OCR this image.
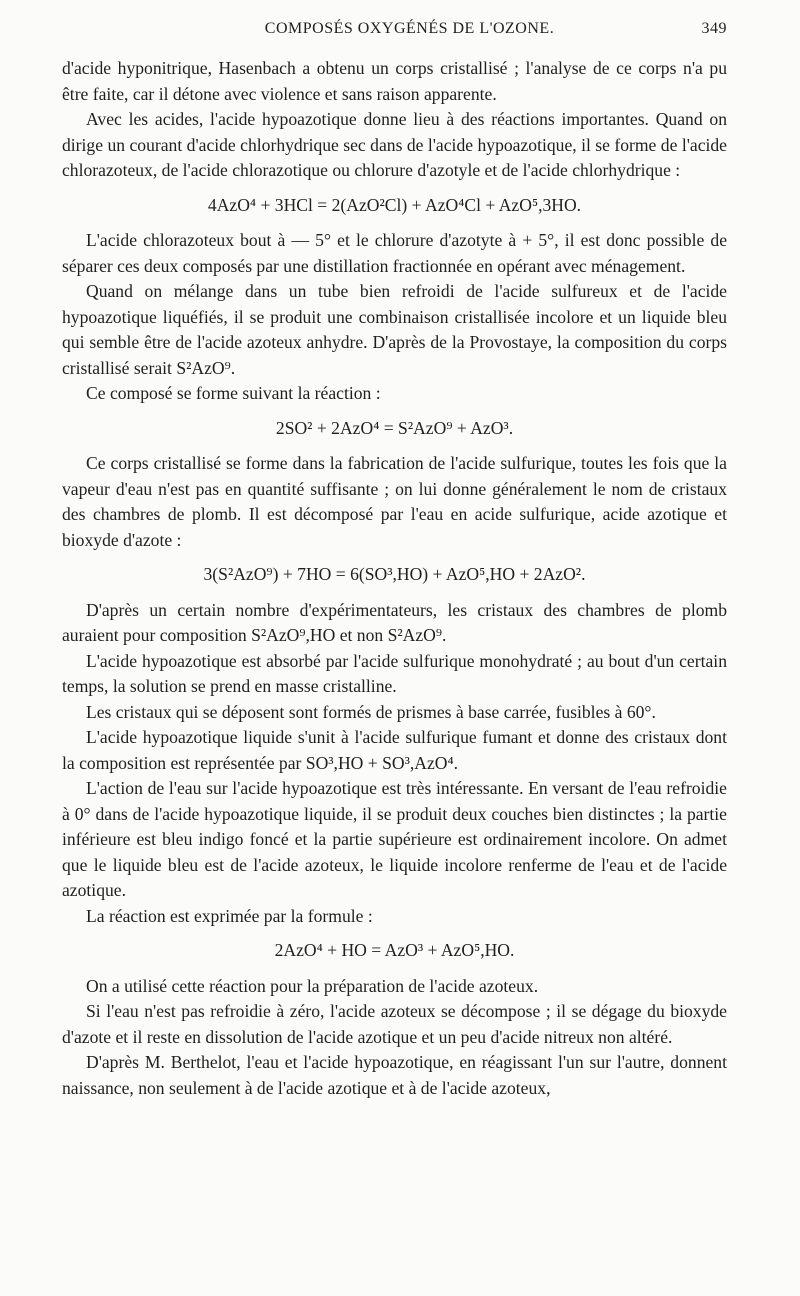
COMPOSÉS OXYGÉNÉS DE L'OZONE.	349

d'acide hyponitrique, Hasenbach a obtenu un corps cristallisé ; l'analyse de ce corps n'a pu être faite, car il détone avec violence et sans raison apparente.

Avec les acides, l'acide hypoazotique donne lieu à des réactions importantes. Quand on dirige un courant d'acide chlorhydrique sec dans de l'acide hypoazotique, il se forme de l'acide chlorazoteux, de l'acide chlorazotique ou chlorure d'azotyle et de l'acide chlorhydrique :

4AzO⁴ + 3HCl = 2(AzO²Cl) + AzO⁴Cl + AzO⁵,3HO.

L'acide chlorazoteux bout à — 5° et le chlorure d'azotyte à + 5°, il est donc possible de séparer ces deux composés par une distillation fractionnée en opérant avec ménagement.

Quand on mélange dans un tube bien refroidi de l'acide sulfureux et de l'acide hypoazotique liquéfiés, il se produit une combinaison cristallisée incolore et un liquide bleu qui semble être de l'acide azoteux anhydre. D'après de la Provostaye, la composition du corps cristallisé serait S²AzO⁹.

Ce composé se forme suivant la réaction :

2SO² + 2AzO⁴ = S²AzO⁹ + AzO³.

Ce corps cristallisé se forme dans la fabrication de l'acide sulfurique, toutes les fois que la vapeur d'eau n'est pas en quantité suffisante ; on lui donne généralement le nom de cristaux des chambres de plomb. Il est décomposé par l'eau en acide sulfurique, acide azotique et bioxyde d'azote :

3(S²AzO⁹) + 7HO = 6(SO³,HO) + AzO⁵,HO + 2AzO².

D'après un certain nombre d'expérimentateurs, les cristaux des chambres de plomb auraient pour composition S²AzO⁹,HO et non S²AzO⁹.

L'acide hypoazotique est absorbé par l'acide sulfurique monohydraté ; au bout d'un certain temps, la solution se prend en masse cristalline.

Les cristaux qui se déposent sont formés de prismes à base carrée, fusibles à 60°.

L'acide hypoazotique liquide s'unit à l'acide sulfurique fumant et donne des cristaux dont la composition est représentée par SO³,HO + SO³,AzO⁴.

L'action de l'eau sur l'acide hypoazotique est très intéressante. En versant de l'eau refroidie à 0° dans de l'acide hypoazotique liquide, il se produit deux couches bien distinctes ; la partie inférieure est bleu indigo foncé et la partie supérieure est ordinairement incolore. On admet que le liquide bleu est de l'acide azoteux, le liquide incolore renferme de l'eau et de l'acide azotique.

La réaction est exprimée par la formule :

2AzO⁴ + HO = AzO³ + AzO⁵,HO.

On a utilisé cette réaction pour la préparation de l'acide azoteux.

Si l'eau n'est pas refroidie à zéro, l'acide azoteux se décompose ; il se dégage du bioxyde d'azote et il reste en dissolution de l'acide azotique et un peu d'acide nitreux non altéré.

D'après M. Berthelot, l'eau et l'acide hypoazotique, en réagissant l'un sur l'autre, donnent naissance, non seulement à de l'acide azotique et à de l'acide azoteux,
